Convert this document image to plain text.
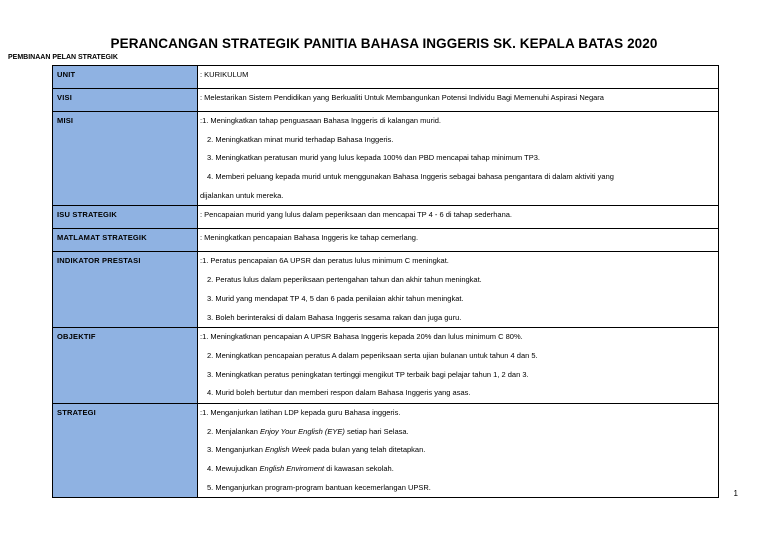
PERANCANGAN STRATEGIK PANITIA BAHASA INGGERIS SK. KEPALA BATAS 2020
PEMBINAAN PELAN STRATEGIK
UNIT	: KURIKULUM
VISI	: Melestarikan Sistem Pendidikan yang Berkualiti Untuk Membangunkan Potensi Individu Bagi Memenuhi Aspirasi Negara
MISI	:1. Meningkatkan tahap penguasaan Bahasa Inggeris di kalangan murid.
2. Meningkatkan minat murid terhadap Bahasa Inggeris.
3. Meningkatkan peratusan murid yang lulus kepada 100% dan PBD mencapai tahap minimum TP3.
4. Memberi peluang kepada murid untuk menggunakan Bahasa Inggeris sebagai bahasa pengantara di dalam aktiviti yang
dijalankan untuk mereka.

ISU STRATEGIK	: Pencapaian murid yang lulus dalam peperiksaan dan mencapai TP 4 - 6 di tahap sederhana.
MATLAMAT STRATEGIK	: Meningkatkan pencapaian Bahasa Inggeris ke tahap cemerlang.
INDIKATOR PRESTASI	:1. Peratus pencapaian 6A UPSR dan peratus lulus minimum C meningkat.
2. Peratus lulus dalam peperiksaan pertengahan tahun dan akhir tahun meningkat.
3. Murid yang mendapat TP 4, 5 dan 6 pada penilaian akhir tahun meningkat.
3. Boleh berinteraksi di dalam Bahasa Inggeris sesama rakan dan juga guru.

OBJEKTIF	:1. Meningkatknan pencapaian A UPSR Bahasa Inggeris kepada 20% dan lulus minimum C 80%.
2. Meningkatkan pencapaian peratus A dalam peperiksaan serta ujian bulanan untuk tahun 4 dan 5.
3. Meningkatkan peratus peningkatan tertinggi mengikut TP terbaik bagi pelajar tahun 1, 2 dan 3.
4. Murid boleh bertutur dan memberi respon dalam Bahasa Inggeris yang asas.

STRATEGI	:1. Menganjurkan latihan LDP kepada guru Bahasa inggeris.
2. Menjalankan Enjoy Your English (EYE) setiap hari Selasa.
3. Menganjurkan English Week pada bulan yang telah ditetapkan.
4. Mewujudkan English Enviroment di kawasan sekolah.
5. Menganjurkan program-program bantuan kecemerlangan UPSR.
1
